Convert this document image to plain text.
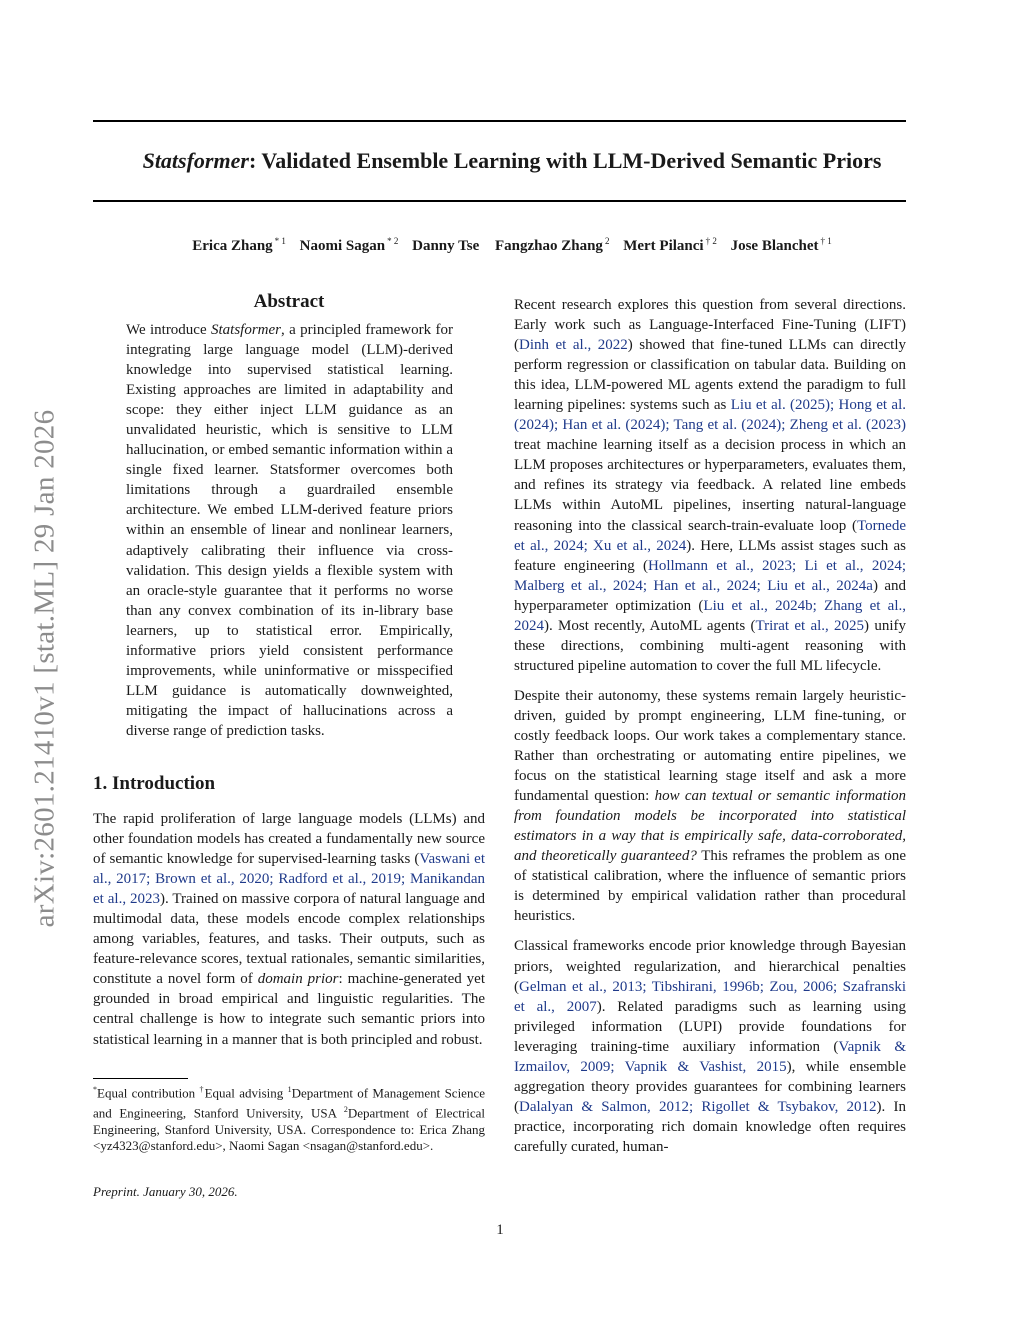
Statsformer: Validated Ensemble Learning with LLM-Derived Semantic Priors
Erica Zhang $^{* 1}$ Naomi Sagan $^{* 2}$ Danny Tse Fangzhao Zhang $^2$ Mert Pilanci $^{\dagger 2}$ Jose Blanchet $^{\dagger 1}$
arXiv:2601.21410v1 [stat.ML] 29 Jan 2026
Abstract
We introduce Statsformer, a principled framework for integrating large language model (LLM)-derived knowledge into supervised statistical learning. Existing approaches are limited in adaptability and scope: they either inject LLM guidance as an unvalidated heuristic, which is sensitive to LLM hallucination, or embed semantic information within a single fixed learner. Statsformer overcomes both limitations through a guardrailed ensemble architecture. We embed LLM-derived feature priors within an ensemble of linear and nonlinear learners, adaptively calibrating their influence via cross-validation. This design yields a flexible system with an oracle-style guarantee that it performs no worse than any convex combination of its in-library base learners, up to statistical error. Empirically, informative priors yield consistent performance improvements, while uninformative or misspecified LLM guidance is automatically downweighted, mitigating the impact of hallucinations across a diverse range of prediction tasks.
1. Introduction
The rapid proliferation of large language models (LLMs) and other foundation models has created a fundamentally new source of semantic knowledge for supervised-learning tasks (Vaswani et al., 2017; Brown et al., 2020; Radford et al., 2019; Manikandan et al., 2023). Trained on massive corpora of natural language and multimodal data, these models encode complex relationships among variables, features, and tasks. Their outputs, such as feature-relevance scores, textual rationales, semantic similarities, constitute a novel form of domain prior: machine-generated yet grounded in broad empirical and linguistic regularities. The central challenge is how to integrate such semantic priors into statistical learning in a manner that is both principled and robust.
*Equal contribution †Equal advising $^1$Department of Management Science and Engineering, Stanford University, USA $^2$Department of Electrical Engineering, Stanford University, USA. Correspondence to: Erica Zhang <yz4323@stanford.edu>, Naomi Sagan <nsagan@stanford.edu>.
Preprint. January 30, 2026.

Recent research explores this question from several directions. Early work such as Language-Interfaced Fine-Tuning (LIFT) (Dinh et al., 2022) showed that fine-tuned LLMs can directly perform regression or classification on tabular data. Building on this idea, LLM-powered ML agents extend the paradigm to full learning pipelines: systems such as Liu et al. (2025); Hong et al. (2024); Han et al. (2024); Tang et al. (2024); Zheng et al. (2023) treat machine learning itself as a decision process in which an LLM proposes architectures or hyperparameters, evaluates them, and refines its strategy via feedback. A related line embeds LLMs within AutoML pipelines, inserting natural-language reasoning into the classical search-train-evaluate loop (Tornede et al., 2024; Xu et al., 2024). Here, LLMs assist stages such as feature engineering (Hollmann et al., 2023; Li et al., 2024; Malberg et al., 2024; Han et al., 2024; Liu et al., 2024a) and hyperparameter optimization (Liu et al., 2024b; Zhang et al., 2024). Most recently, AutoML agents (Trirat et al., 2025) unify these directions, combining multi-agent reasoning with structured pipeline automation to cover the full ML lifecycle.

Despite their autonomy, these systems remain largely heuristic-driven, guided by prompt engineering, LLM fine-tuning, or costly feedback loops. Our work takes a complementary stance. Rather than orchestrating or automating entire pipelines, we focus on the statistical learning stage itself and ask a more fundamental question: how can textual or semantic information from foundation models be incorporated into statistical estimators in a way that is empirically safe, data-corroborated, and theoretically guaranteed? This reframes the problem as one of statistical calibration, where the influence of semantic priors is determined by empirical validation rather than procedural heuristics.

Classical frameworks encode prior knowledge through Bayesian priors, weighted regularization, and hierarchical penalties (Gelman et al., 2013; Tibshirani, 1996b; Zou, 2006; Szafranski et al., 2007). Related paradigms such as learning using privileged information (LUPI) provide foundations for leveraging training-time auxiliary information (Vapnik & Izmailov, 2009; Vapnik & Vashist, 2015), while ensemble aggregation theory provides guarantees for combining learners (Dalalyan & Salmon, 2012; Rigollet & Tsybakov, 2012). In practice, incorporating rich domain knowledge often requires carefully curated, human-

1
